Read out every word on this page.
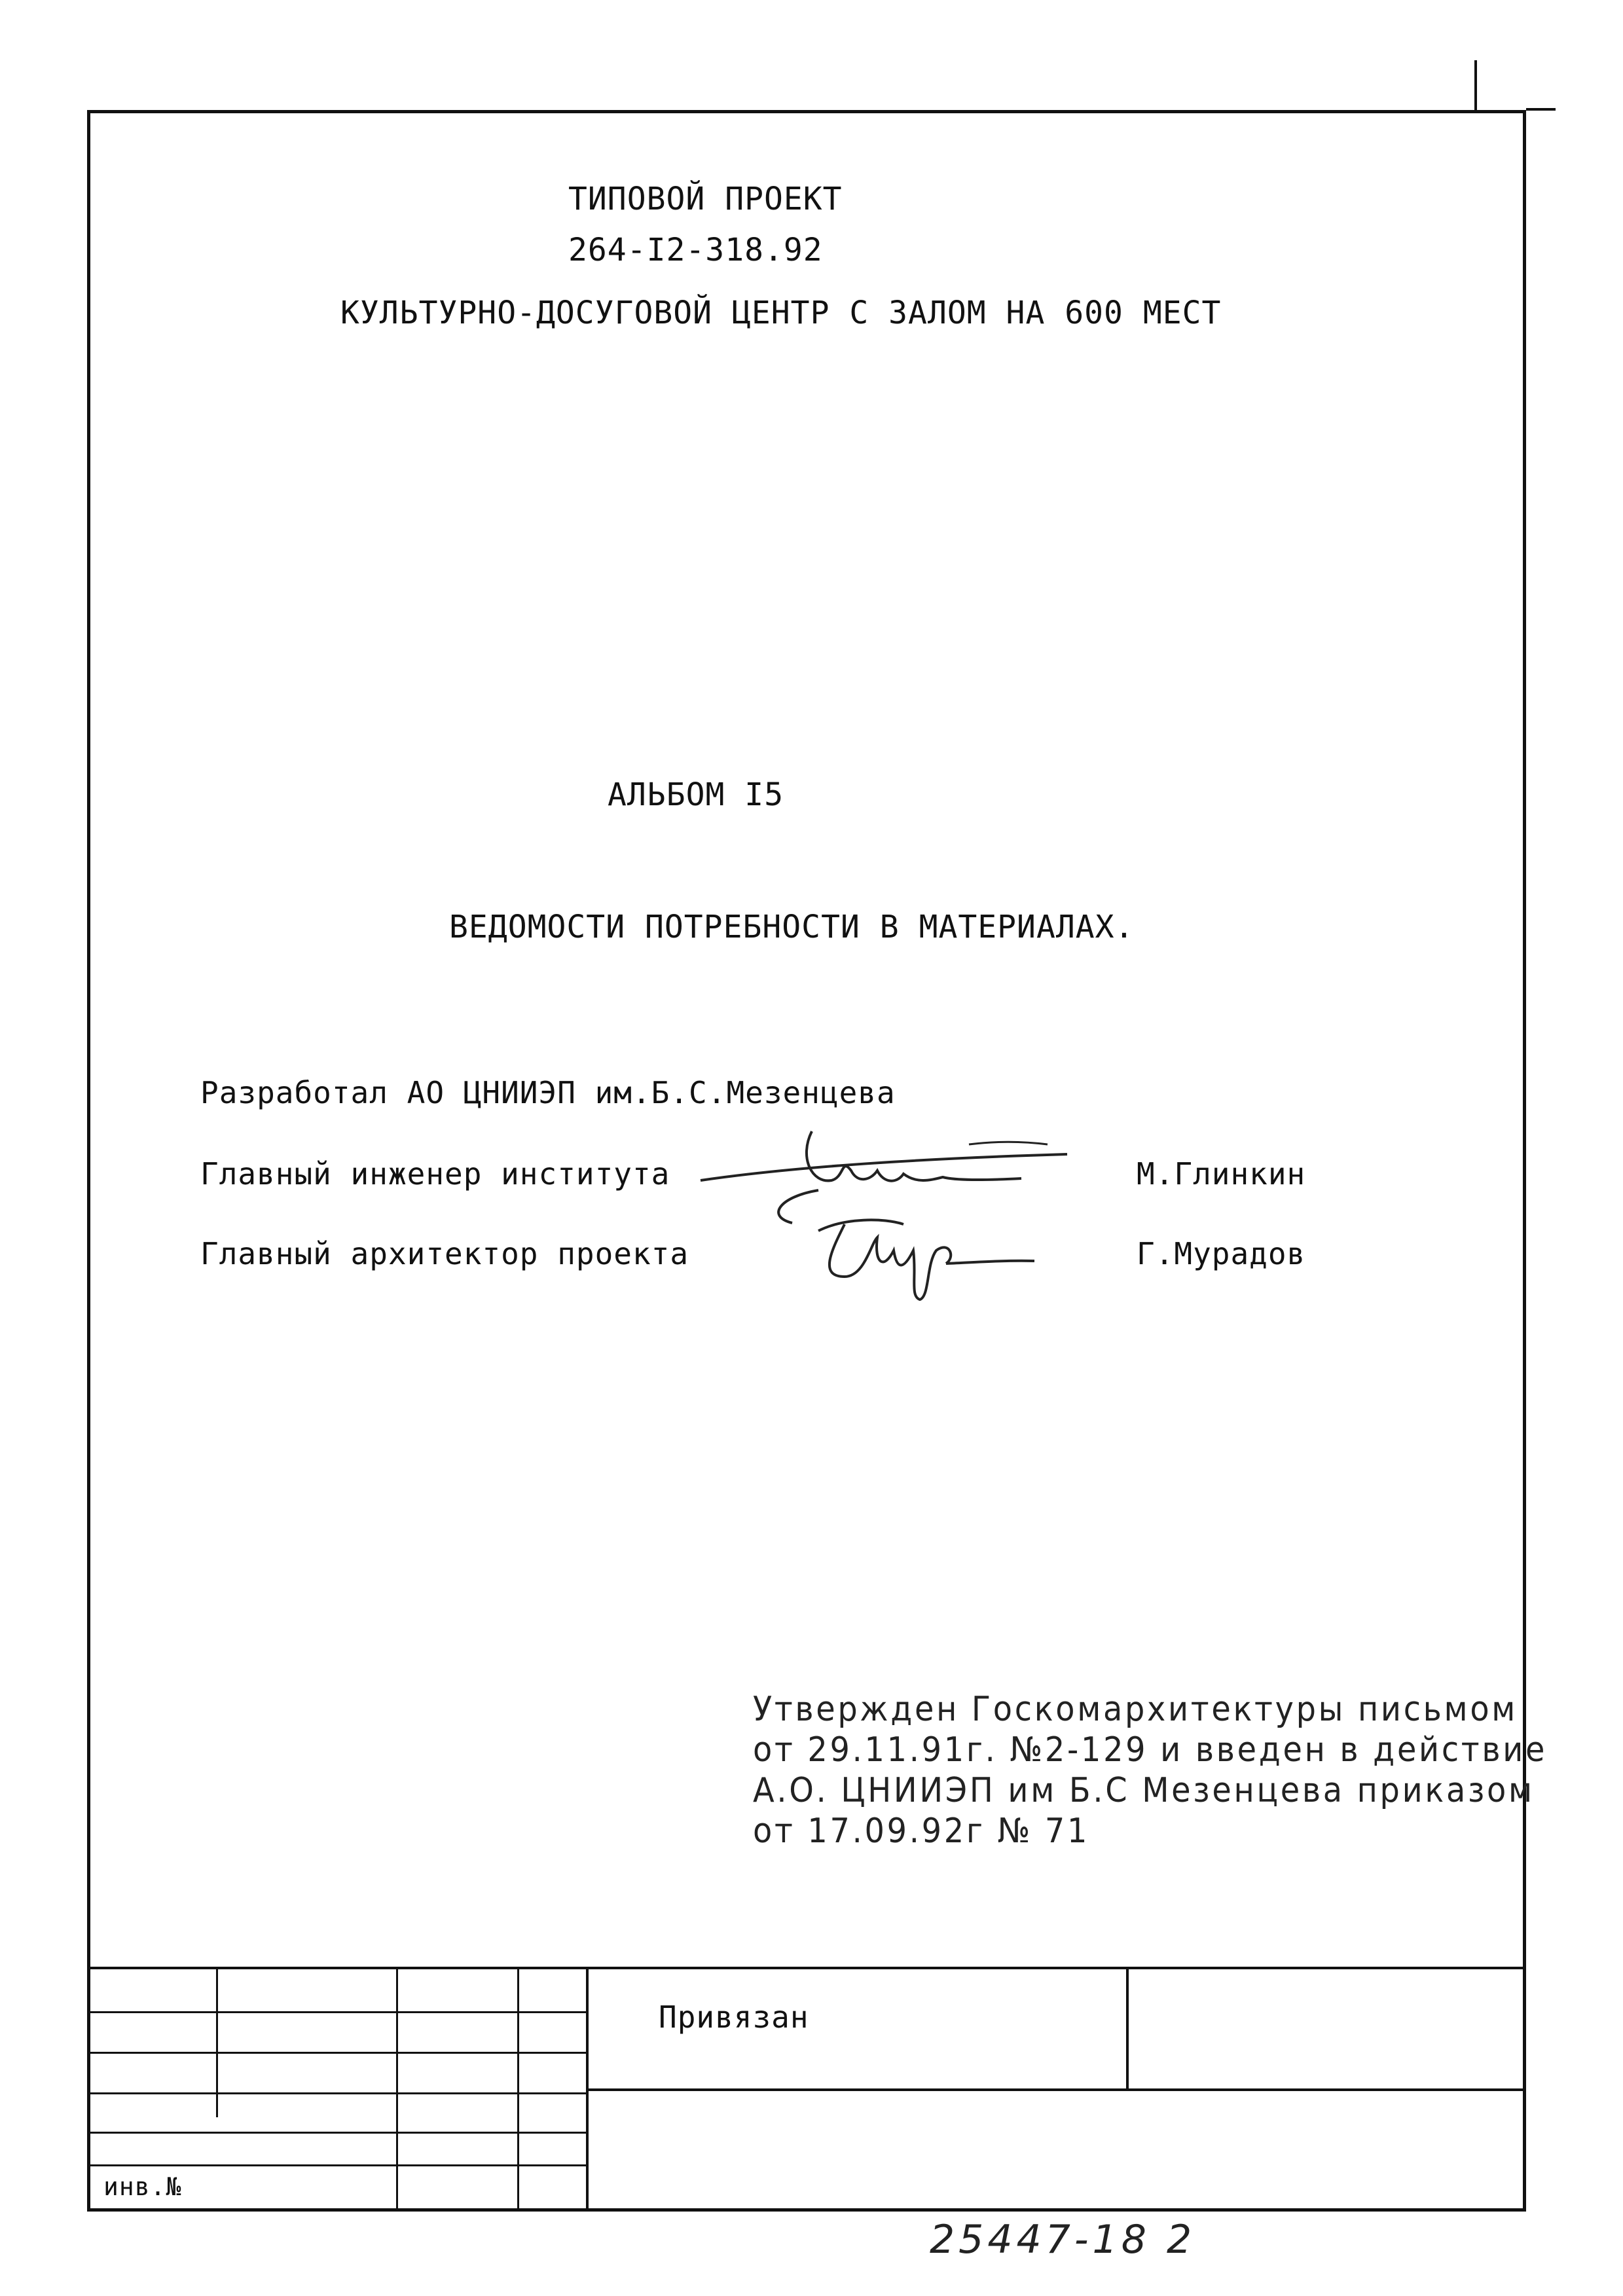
ТИПОВОЙ ПРОЕКТ
264-I2-318.92
КУЛЬТУРНО-ДОСУГОВОЙ ЦЕНТР С ЗАЛОМ НА 600 МЕСТ
АЛЬБОМ I5
ВЕДОМОСТИ ПОТРЕБНОСТИ В МАТЕРИАЛАХ.
Разработал АО ЦНИИЭП им.Б.С.Мезенцева
Главный инженер института
Главный архитектор проекта
М.Глинкин
Г.Мурадов
Утвержден Госкомархитектуры письмом
от 29.11.91г. №2-129 и введен в действие
А.О. ЦНИИЭП им Б.С Мезенцева приказом
от 17.09.92г № 71
Привязан
инв.№
25447-18 2
